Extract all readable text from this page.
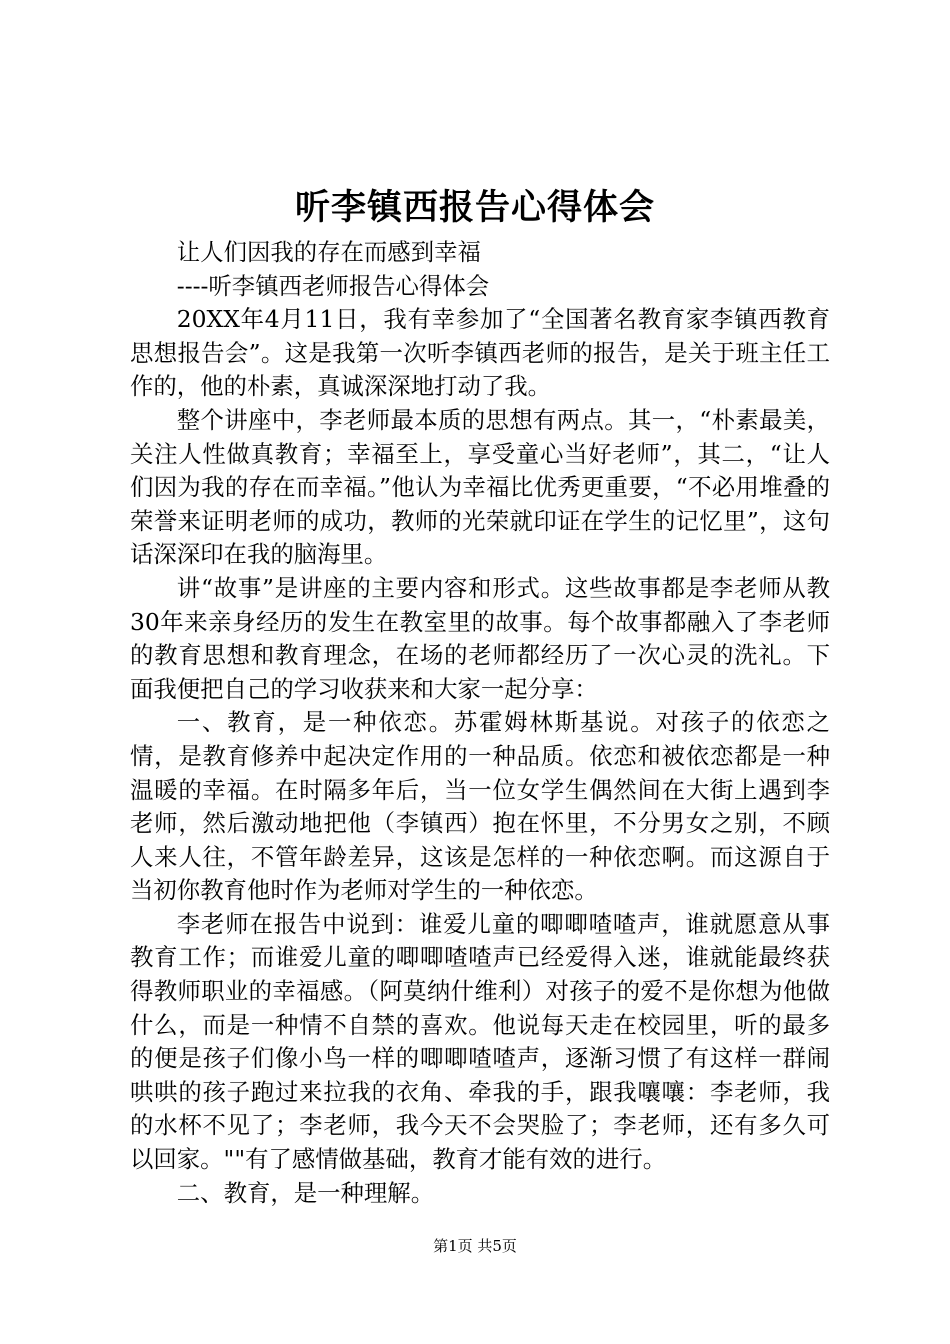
听李镇西报告心得体会

让人们因我的存在而感到幸福

----听李镇西老师报告心得体会

20XX年4月11日，我有幸参加了“全国著名教育家李镇西教育思想报告会”。这是我第一次听李镇西老师的报告，是关于班主任工作的，他的朴素，真诚深深地打动了我。

整个讲座中，李老师最本质的思想有两点。其一，“朴素最美，关注人性做真教育；幸福至上，享受童心当好老师”，其二，“让人们因为我的存在而幸福。”他认为幸福比优秀更重要，“不必用堆叠的荣誉来证明老师的成功，教师的光荣就印证在学生的记忆里”，这句话深深印在我的脑海里。

讲“故事”是讲座的主要内容和形式。这些故事都是李老师从教30年来亲身经历的发生在教室里的故事。每个故事都融入了李老师的教育思想和教育理念，在场的老师都经历了一次心灵的洗礼。下面我便把自己的学习收获来和大家一起分享：

一、教育，是一种依恋。苏霍姆林斯基说。对孩子的依恋之情，是教育修养中起决定作用的一种品质。依恋和被依恋都是一种温暖的幸福。在时隔多年后，当一位女学生偶然间在大街上遇到李老师，然后激动地把他（李镇西）抱在怀里，不分男女之别，不顾人来人往，不管年龄差异，这该是怎样的一种依恋啊。而这源自于当初你教育他时作为老师对学生的一种依恋。

李老师在报告中说到：谁爱儿童的唧唧喳喳声，谁就愿意从事教育工作；而谁爱儿童的唧唧喳喳声已经爱得入迷，谁就能最终获得教师职业的幸福感。（阿莫纳什维利）对孩子的爱不是你想为他做什么，而是一种情不自禁的喜欢。他说每天走在校园里，听的最多的便是孩子们像小鸟一样的唧唧喳喳声，逐渐习惯了有这样一群闹哄哄的孩子跑过来拉我的衣角、牵我的手，跟我嚷嚷：李老师，我的水杯不见了；李老师，我今天不会哭脸了；李老师，还有多久可以回家。""有了感情做基础，教育才能有效的进行。

二、教育，是一种理解。

第1页 共5页
